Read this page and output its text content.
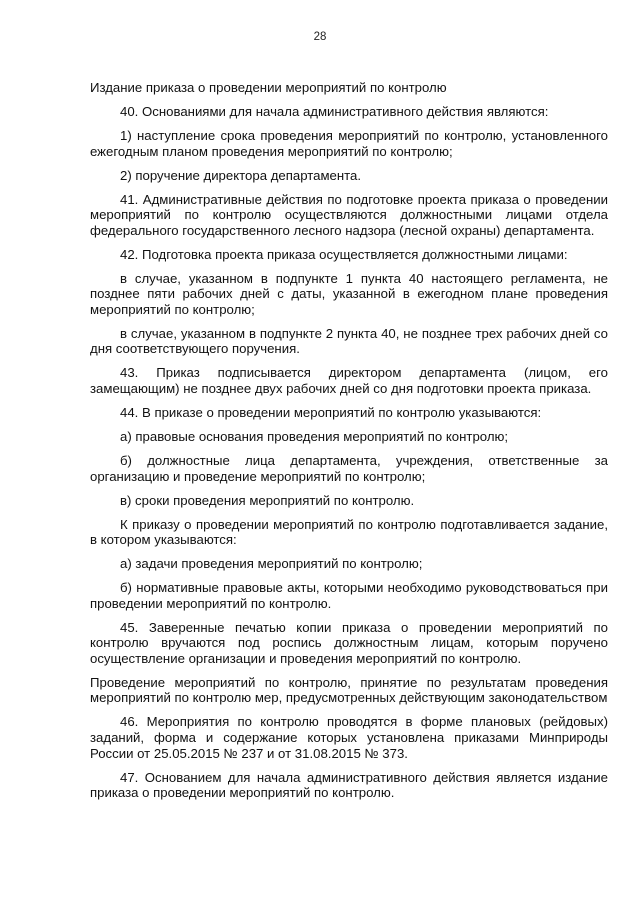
28

Издание приказа о проведении мероприятий по контролю

40. Основаниями для начала административного действия являются:

1) наступление срока проведения мероприятий по контролю, установленного ежегодным планом проведения мероприятий по контролю;

2) поручение директора департамента.

41. Административные действия по подготовке проекта приказа о проведении мероприятий по контролю осуществляются должностными лицами отдела федерального государственного лесного надзора (лесной охраны) департамента.

42. Подготовка проекта приказа осуществляется должностными лицами:

в случае, указанном в подпункте 1 пункта 40 настоящего регламента, не позднее пяти рабочих дней с даты, указанной в ежегодном плане проведения мероприятий по контролю;

в случае, указанном в подпункте 2 пункта 40, не позднее трех рабочих дней со дня соответствующего поручения.

43. Приказ подписывается директором департамента (лицом, его замещающим) не позднее двух рабочих дней со дня подготовки проекта приказа.

44. В приказе о проведении мероприятий по контролю указываются:

а) правовые основания проведения мероприятий по контролю;

б) должностные лица департамента, учреждения, ответственные за организацию и проведение мероприятий по контролю;

в) сроки проведения мероприятий по контролю.

К приказу о проведении мероприятий по контролю подготавливается задание, в котором указываются:

а) задачи проведения мероприятий по контролю;

б) нормативные правовые акты, которыми необходимо руководствоваться при проведении мероприятий по контролю.

45. Заверенные печатью копии приказа о проведении мероприятий по контролю вручаются под роспись должностным лицам, которым поручено осуществление организации и проведения мероприятий по контролю.

Проведение мероприятий по контролю, принятие по результатам проведения мероприятий по контролю мер, предусмотренных действующим законодательством

46. Мероприятия по контролю проводятся в форме плановых (рейдовых) заданий, форма и содержание которых установлена приказами Минприроды России от 25.05.2015 № 237 и от 31.08.2015 № 373.

47. Основанием для начала административного действия является издание приказа о проведении мероприятий по контролю.
